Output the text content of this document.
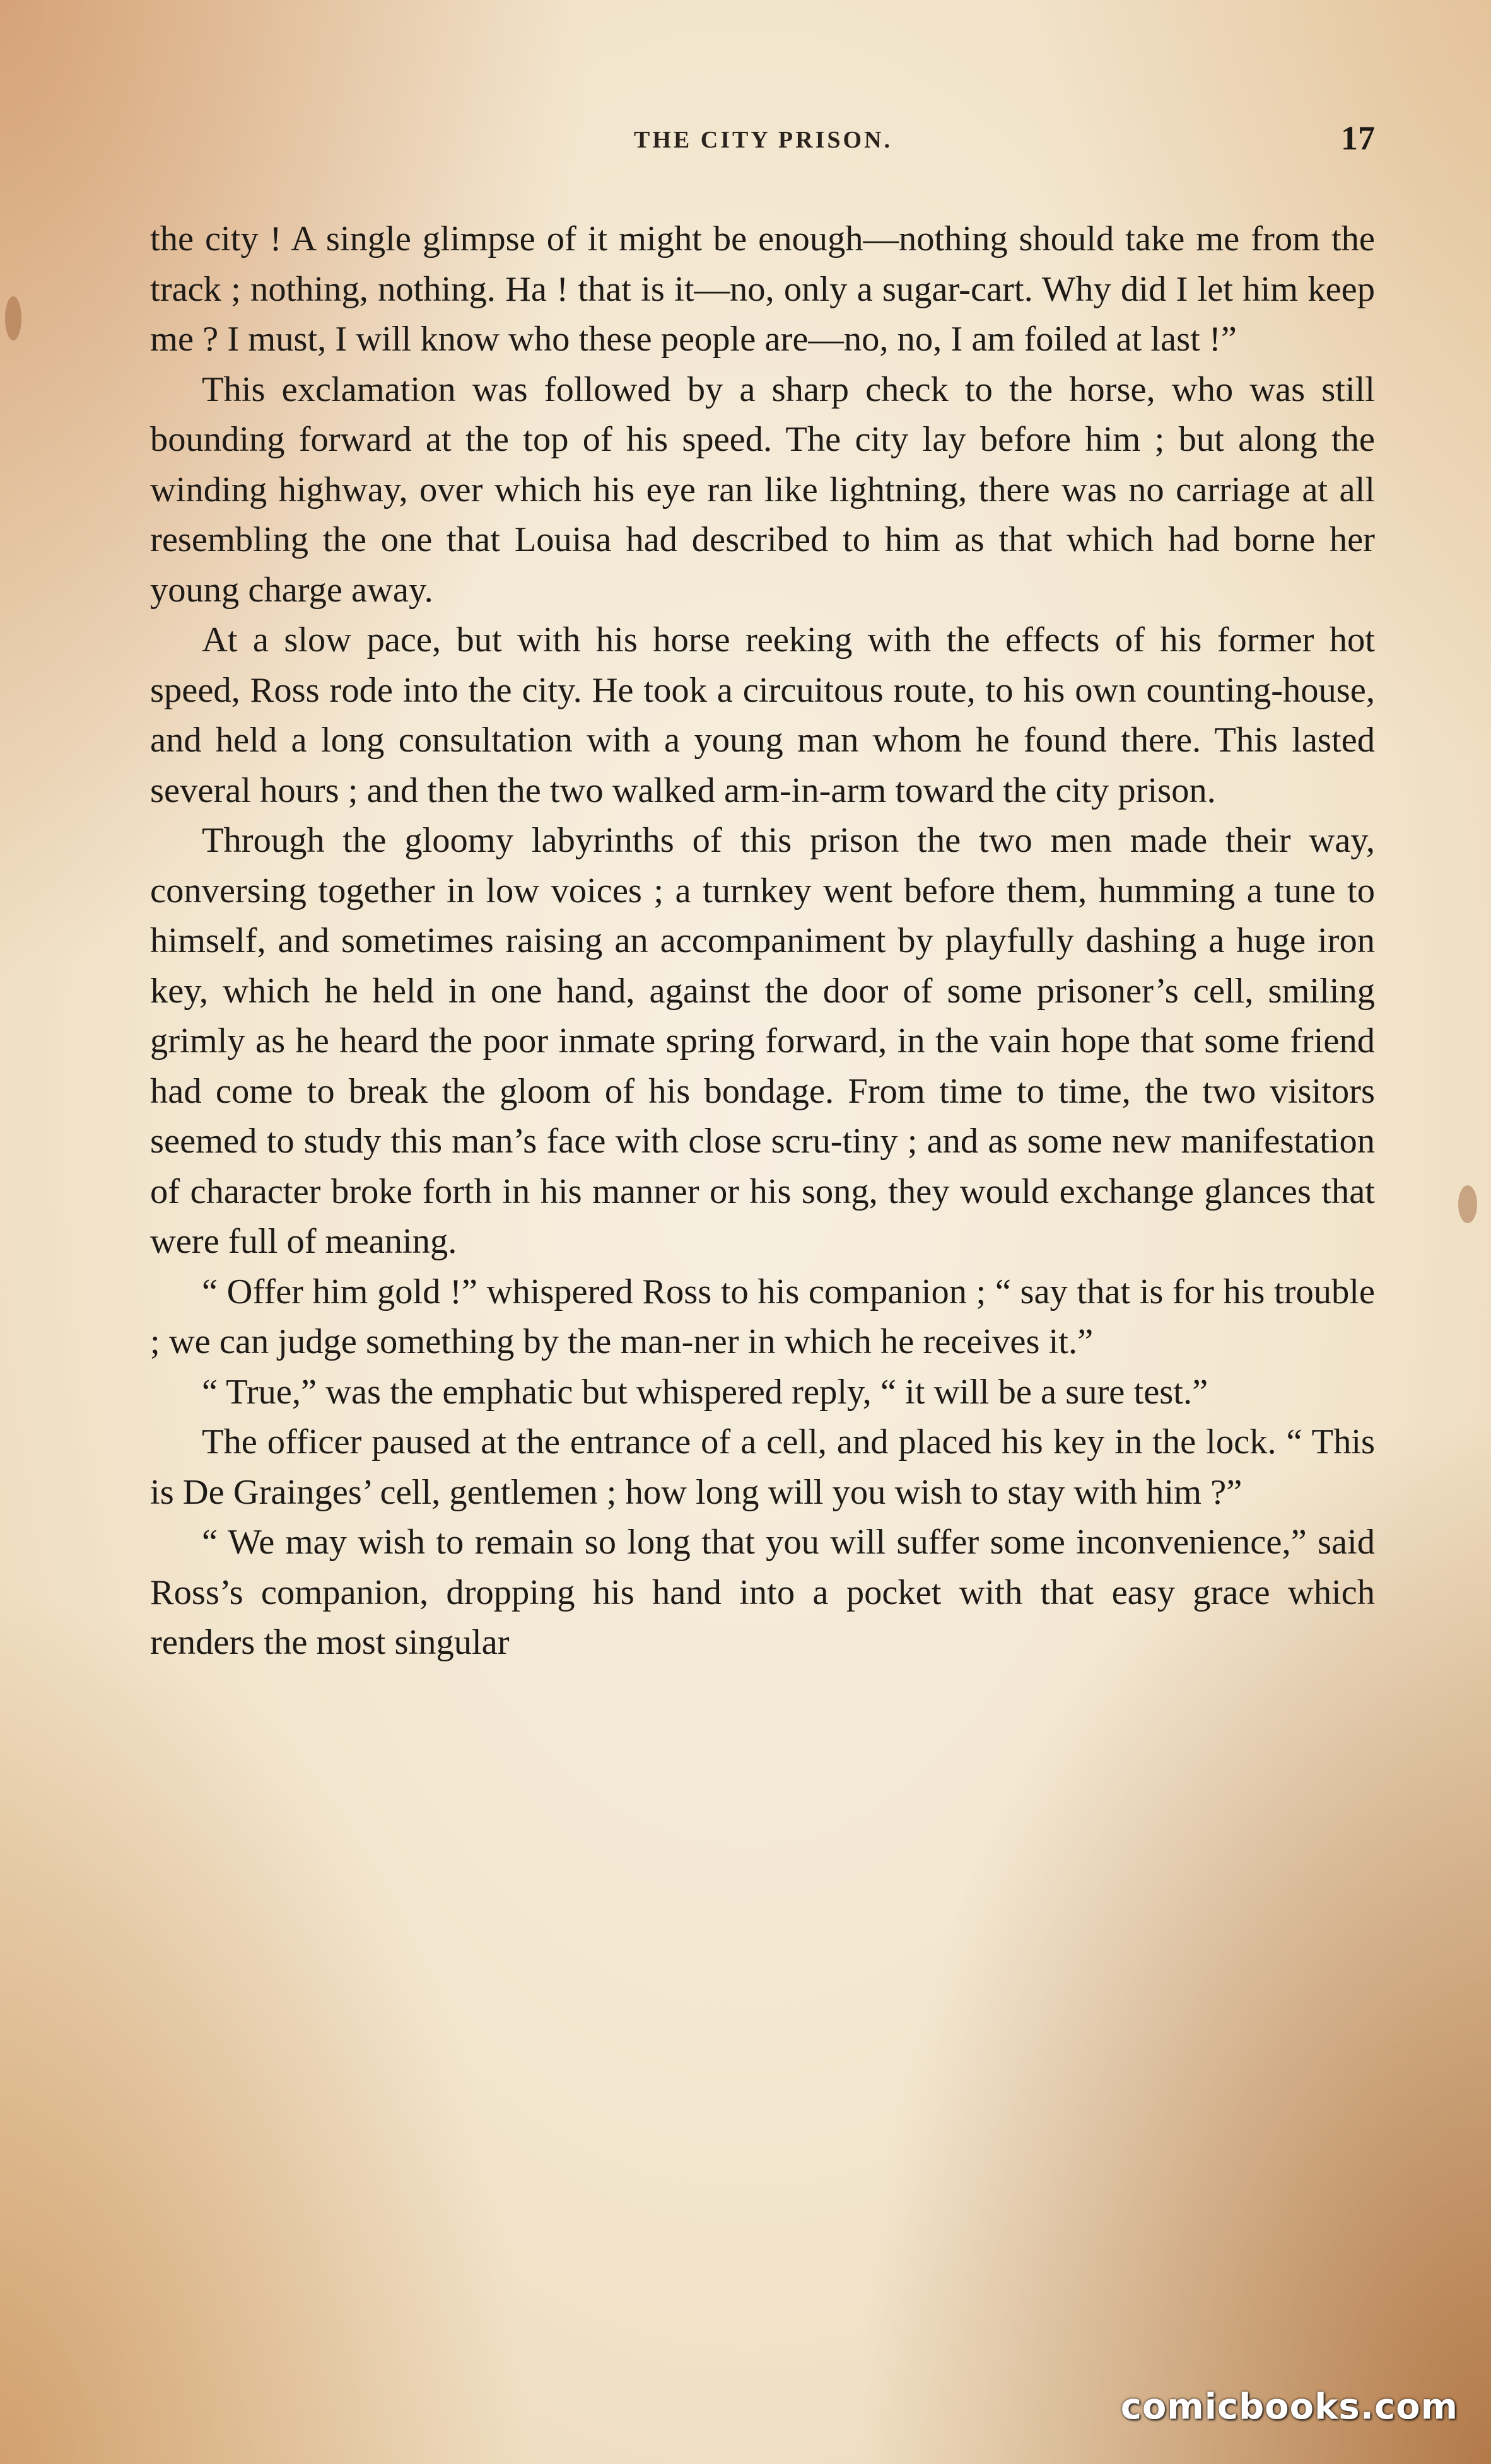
THE CITY PRISON.	17

the city ! A single glimpse of it might be enough—nothing should take me from the track ; nothing, nothing. Ha ! that is it—no, only a sugar-cart. Why did I let him keep me ? I must, I will know who these people are—no, no, I am foiled at last !”

This exclamation was followed by a sharp check to the horse, who was still bounding forward at the top of his speed. The city lay before him ; but along the winding highway, over which his eye ran like lightning, there was no carriage at all resembling the one that Louisa had described to him as that which had borne her young charge away.

At a slow pace, but with his horse reeking with the effects of his former hot speed, Ross rode into the city. He took a circuitous route, to his own counting-house, and held a long consultation with a young man whom he found there. This lasted several hours ; and then the two walked arm-in-arm toward the city prison.

Through the gloomy labyrinths of this prison the two men made their way, conversing together in low voices ; a turnkey went before them, humming a tune to himself, and sometimes raising an accompaniment by playfully dashing a huge iron key, which he held in one hand, against the door of some prisoner’s cell, smiling grimly as he heard the poor inmate spring forward, in the vain hope that some friend had come to break the gloom of his bondage. From time to time, the two visitors seemed to study this man’s face with close scru-tiny ; and as some new manifestation of character broke forth in his manner or his song, they would exchange glances that were full of meaning.

“ Offer him gold !” whispered Ross to his companion ; “ say that is for his trouble ; we can judge something by the man-ner in which he receives it.”

“ True,” was the emphatic but whispered reply, “ it will be a sure test.”

The officer paused at the entrance of a cell, and placed his key in the lock. “ This is De Grainges’ cell, gentlemen ; how long will you wish to stay with him ?”

“ We may wish to remain so long that you will suffer some inconvenience,” said Ross’s companion, dropping his hand into a pocket with that easy grace which renders the most singular

comicbooks.com
